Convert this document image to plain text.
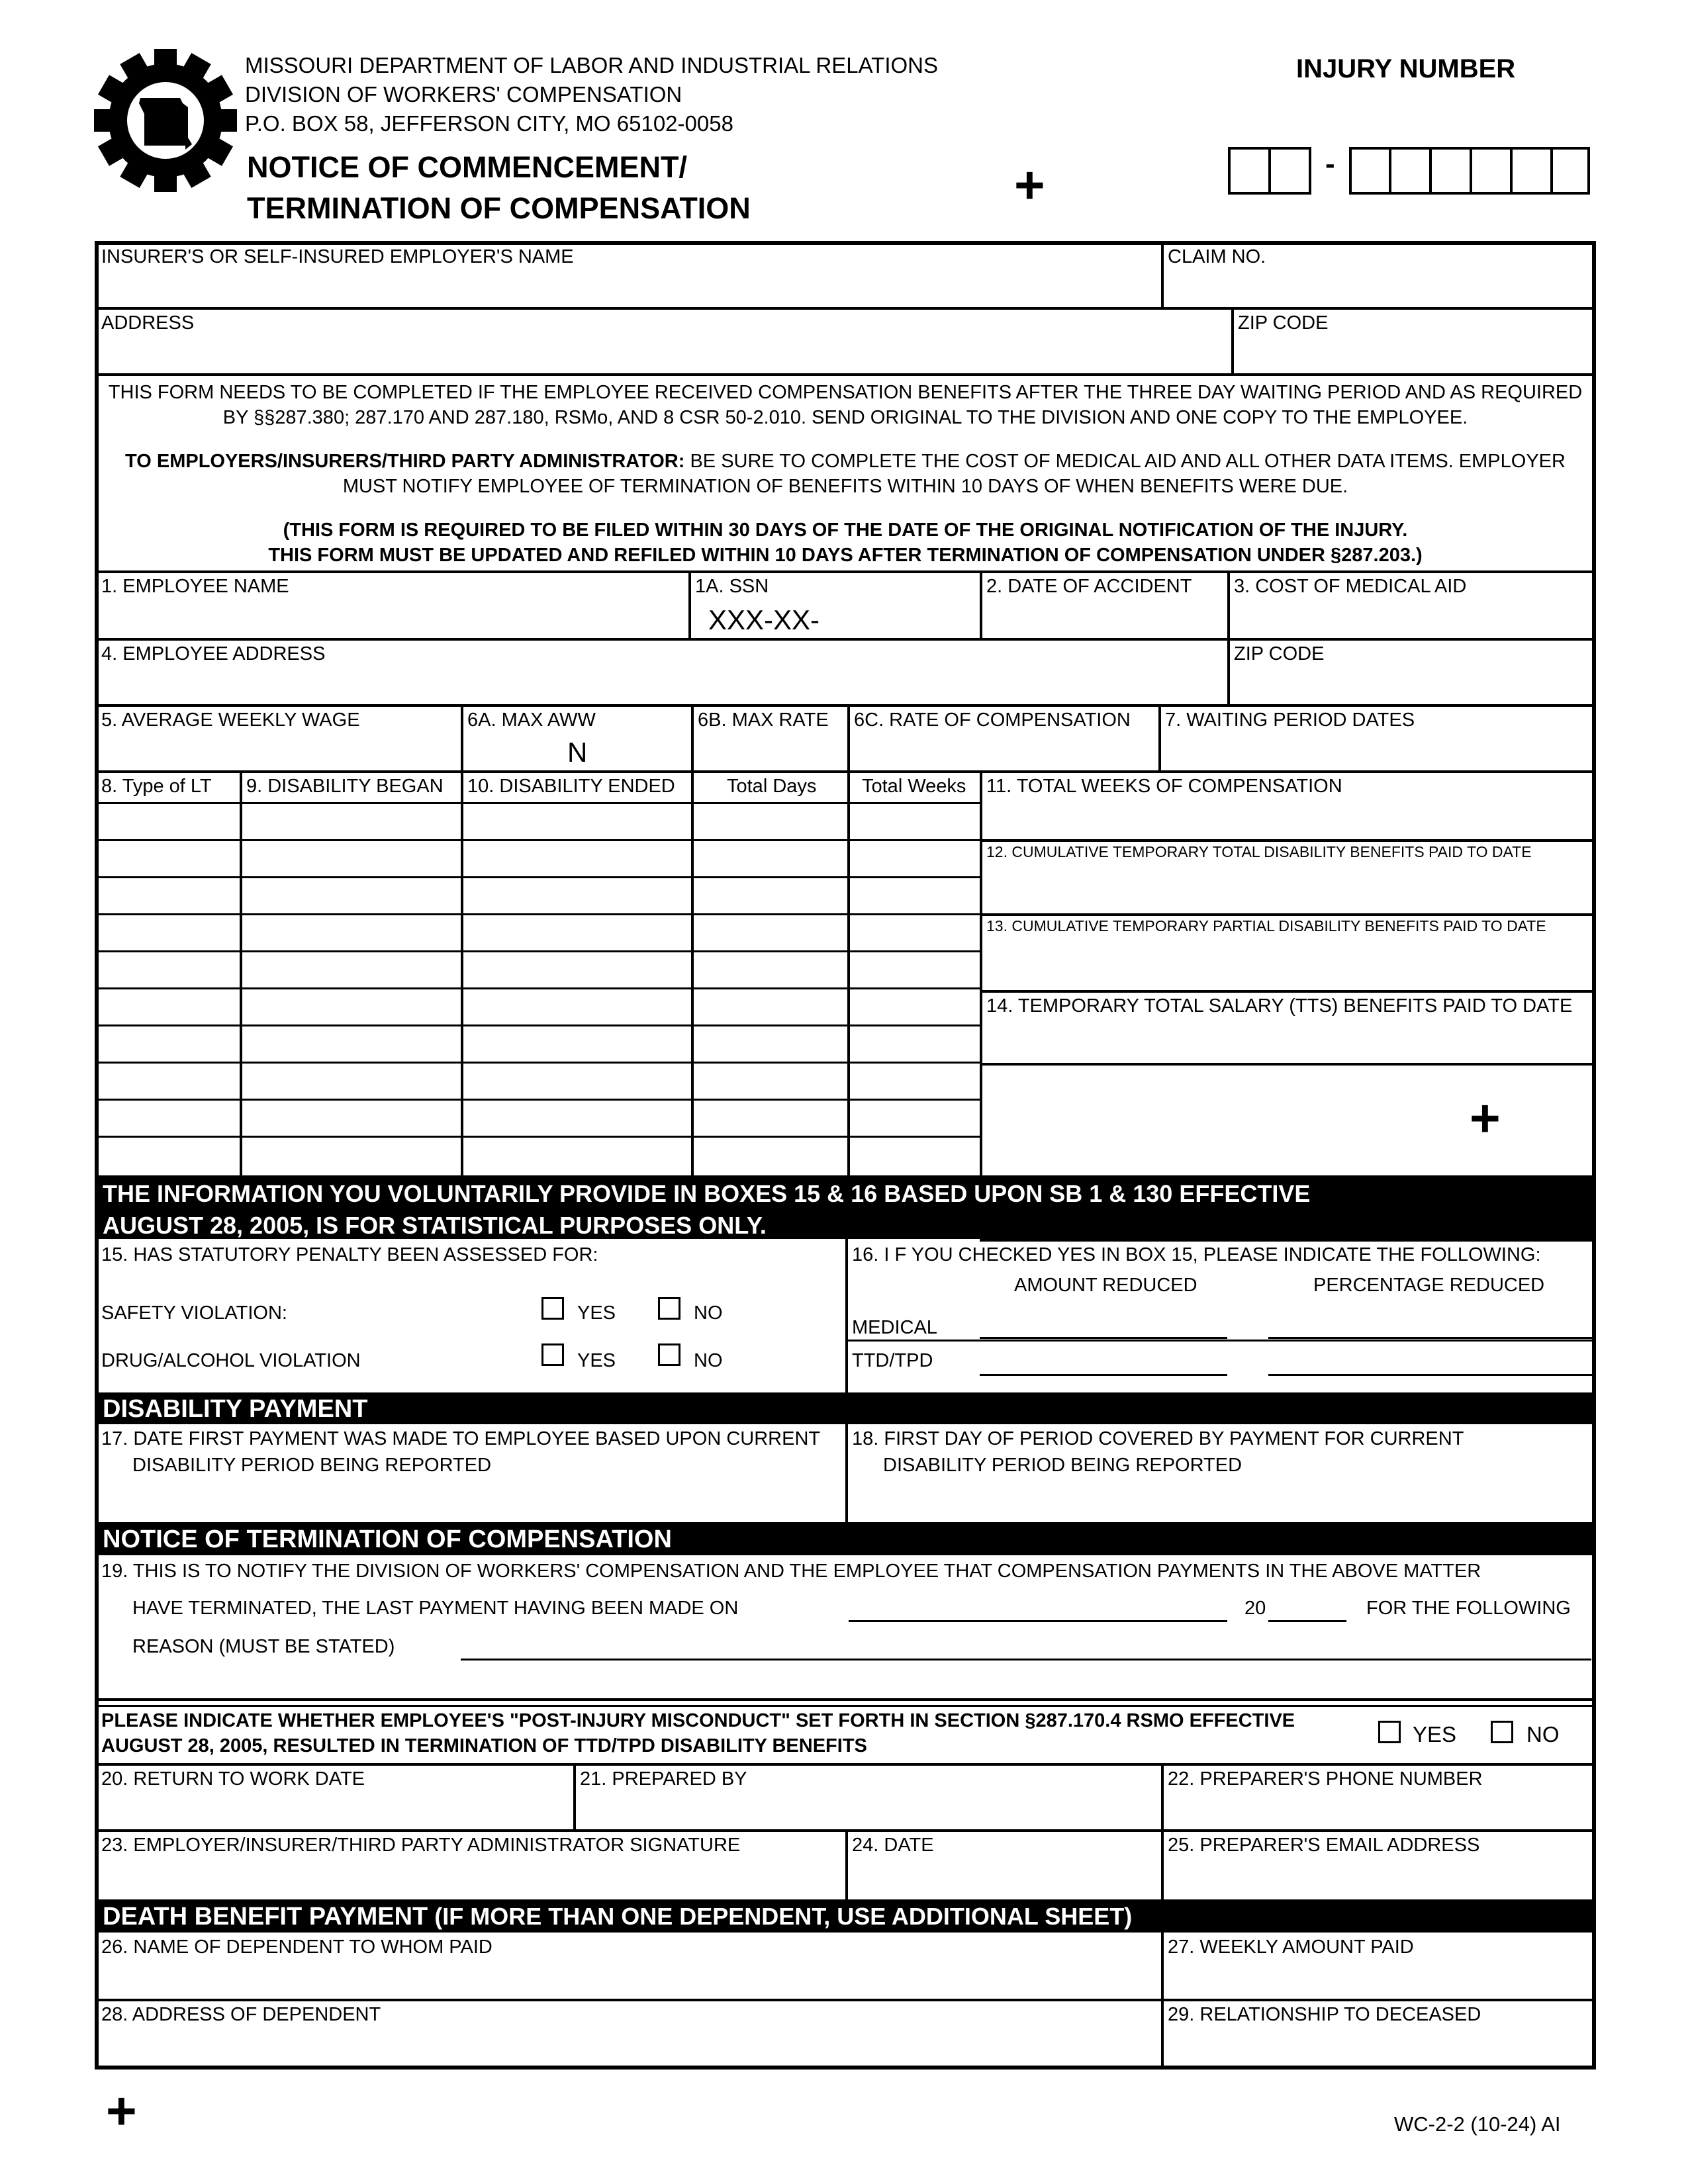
MISSOURI DEPARTMENT OF LABOR AND INDUSTRIAL RELATIONS
DIVISION OF WORKERS' COMPENSATION
P.O. BOX 58, JEFFERSON CITY, MO 65102-0058
NOTICE OF COMMENCEMENT/
TERMINATION OF COMPENSATION	+
INJURY NUMBER
-
INSURER'S OR SELF-INSURED EMPLOYER'S NAME	CLAIM NO.
ADDRESS	ZIP CODE
THIS FORM NEEDS TO BE COMPLETED IF THE EMPLOYEE RECEIVED COMPENSATION BENEFITS AFTER THE THREE DAY WAITING PERIOD AND AS REQUIRED
BY §§287.380; 287.170 AND 287.180, RSMo, AND 8 CSR 50-2.010. SEND ORIGINAL TO THE DIVISION AND ONE COPY TO THE EMPLOYEE.
TO EMPLOYERS/INSURERS/THIRD PARTY ADMINISTRATOR: BE SURE TO COMPLETE THE COST OF MEDICAL AID AND ALL OTHER DATA ITEMS. EMPLOYER
MUST NOTIFY EMPLOYEE OF TERMINATION OF BENEFITS WITHIN 10 DAYS OF WHEN BENEFITS WERE DUE.
(THIS FORM IS REQUIRED TO BE FILED WITHIN 30 DAYS OF THE DATE OF THE ORIGINAL NOTIFICATION OF THE INJURY.
THIS FORM MUST BE UPDATED AND REFILED WITHIN 10 DAYS AFTER TERMINATION OF COMPENSATION UNDER §287.203.)
1. EMPLOYEE NAME	1A. SSN
XXX-XX-
2. DATE OF ACCIDENT 3. COST OF MEDICAL AID
4. EMPLOYEE ADDRESS	ZIP CODE
5. AVERAGE WEEKLY WAGE	6A. MAX AWW
N
6B. MAX RATE 6C. RATE OF COMPENSATION 7. WAITING PERIOD DATES
8. Type of LT 9. DISABILITY BEGAN 10. DISABILITY ENDED	Total Days Total Weeks 11. TOTAL WEEKS OF COMPENSATION
12. CUMULATIVE TEMPORARY TOTAL DISABILITY BENEFITS PAID TO DATE
13. CUMULATIVE TEMPORARY PARTIAL DISABILITY BENEFITS PAID TO DATE
14. TEMPORARY TOTAL SALARY (TTS) BENEFITS PAID TO DATE
+
THE INFORMATION YOU VOLUNTARILY PROVIDE IN BOXES 15 & 16 BASED UPON SB 1 & 130 EFFECTIVE
AUGUST 28, 2005, IS FOR STATISTICAL PURPOSES ONLY.
15. HAS STATUTORY PENALTY BEEN ASSESSED FOR:
SAFETY VIOLATION:	YES	NO
DRUG/ALCOHOL VIOLATION	YES	NO
16. I F YOU CHECKED YES IN BOX 15, PLEASE INDICATE THE FOLLOWING:
AMOUNT REDUCED	PERCENTAGE REDUCED
MEDICAL
TTD/TPD
DISABILITY PAYMENT
17. DATE FIRST PAYMENT WAS MADE TO EMPLOYEE BASED UPON CURRENT
DISABILITY PERIOD BEING REPORTED
18. FIRST DAY OF PERIOD COVERED BY PAYMENT FOR CURRENT
DISABILITY PERIOD BEING REPORTED
NOTICE OF TERMINATION OF COMPENSATION
19. THIS IS TO NOTIFY THE DIVISION OF WORKERS' COMPENSATION AND THE EMPLOYEE THAT COMPENSATION PAYMENTS IN THE ABOVE MATTER
HAVE TERMINATED, THE LAST PAYMENT HAVING BEEN MADE ON	20	FOR THE FOLLOWING
REASON (MUST BE STATED)
PLEASE INDICATE WHETHER EMPLOYEE'S "POST-INJURY MISCONDUCT" SET FORTH IN SECTION §287.170.4 RSMO EFFECTIVE
AUGUST 28, 2005, RESULTED IN TERMINATION OF TTD/TPD DISABILITY BENEFITS	YES	NO
20. RETURN TO WORK DATE	21. PREPARED BY	22. PREPARER'S PHONE NUMBER
23. EMPLOYER/INSURER/THIRD PARTY ADMINISTRATOR SIGNATURE	24. DATE	25. PREPARER'S EMAIL ADDRESS
DEATH BENEFIT PAYMENT (IF MORE THAN ONE DEPENDENT, USE ADDITIONAL SHEET)
26. NAME OF DEPENDENT TO WHOM PAID	27. WEEKLY AMOUNT PAID
28. ADDRESS OF DEPENDENT	29. RELATIONSHIP TO DECEASED
+	WC-2-2 (10-24) AI
